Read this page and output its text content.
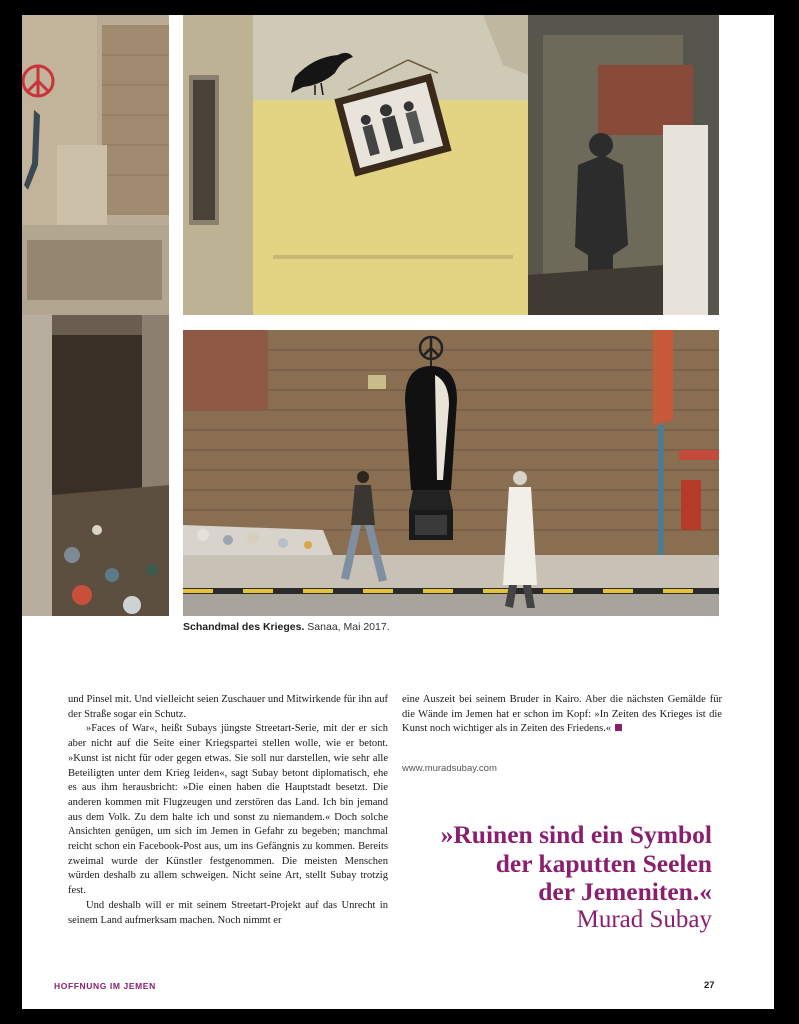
Schandmal des Krieges. Sanaa, Mai 2017.

und Pinsel mit. Und vielleicht seien Zuschauer und Mitwirkende für ihn auf der Straße sogar ein Schutz.

»Faces of War«, heißt Subays jüngste Streetart-Serie, mit der er sich aber nicht auf die Seite einer Kriegspartei stellen wolle, wie er betont. »Kunst ist nicht für oder gegen etwas. Sie soll nur darstellen, wie sehr alle Beteiligten unter dem Krieg leiden«, sagt Subay betont diplomatisch, ehe es aus ihm herausbricht: »Die einen haben die Hauptstadt besetzt. Die anderen kommen mit Flugzeugen und zerstören das Land. Ich bin jemand aus dem Volk. Zu dem halte ich und sonst zu niemandem.« Doch solche Ansichten genügen, um sich im Jemen in Gefahr zu begeben; manchmal reicht schon ein Facebook-Post aus, um ins Gefängnis zu kommen. Bereits zweimal wurde der Künstler festgenommen. Die meisten Menschen würden deshalb zu allem schweigen. Nicht seine Art, stellt Subay trotzig fest.

Und deshalb will er mit seinem Streetart-Projekt auf das Unrecht in seinem Land aufmerksam machen. Noch nimmt er

eine Auszeit bei seinem Bruder in Kairo. Aber die nächsten Gemälde für die Wände im Jemen hat er schon im Kopf: »In Zeiten des Krieges ist die Kunst noch wichtiger als in Zeiten des Friedens.«

www.muradsubay.com
»Ruinen sind ein Symbol
der kaputten Seelen
der Jemeniten.«
Murad Subay
HOFFNUNG IM JEMEN	27
